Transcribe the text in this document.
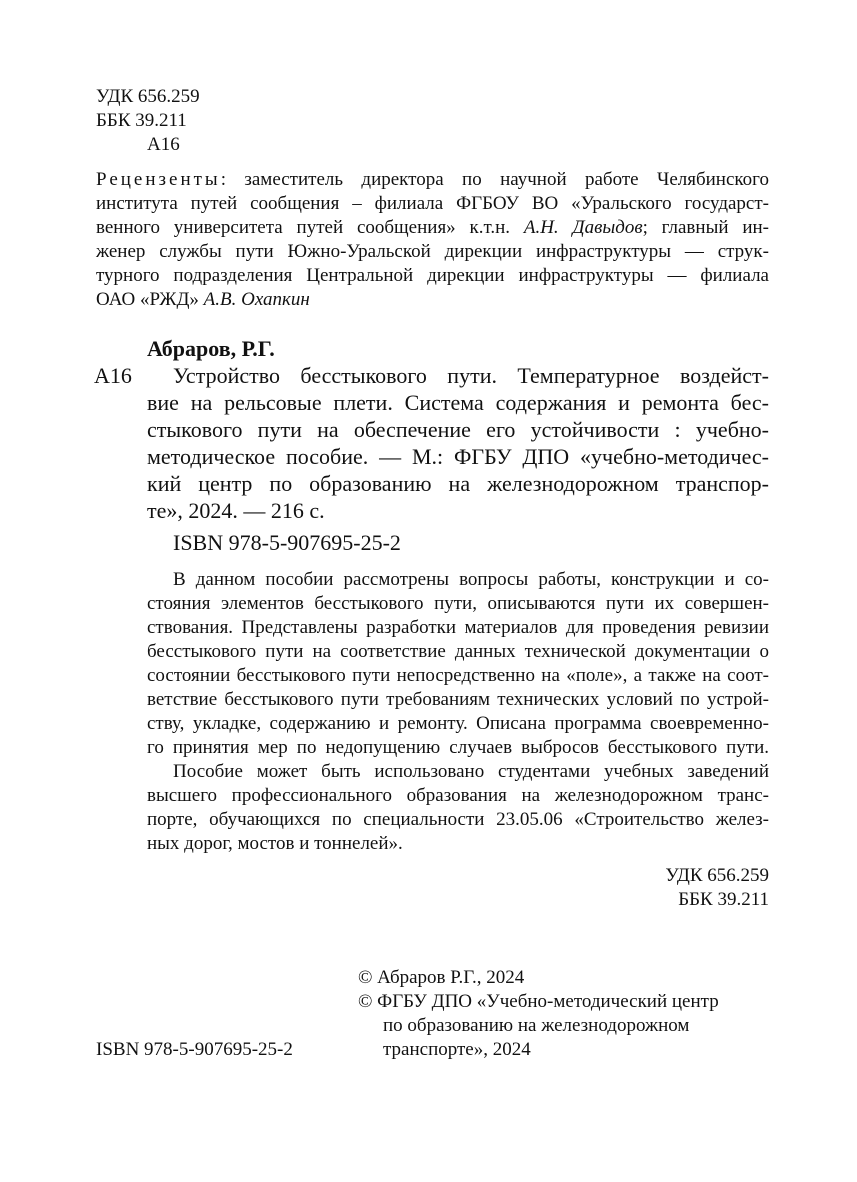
УДК 656.259
ББК 39.211
А16
Рецензенты: заместитель директора по научной работе Челябинского
института путей сообщения – филиала ФГБОУ ВО «Уральского государст-
венного университета путей сообщения» к.т.н. А.Н. Давыдов; главный ин-
женер службы пути Южно-Уральской дирекции инфраструктуры — струк-
турного подразделения Центральной дирекции инфраструктуры — филиала
ОАО «РЖД» А.В. Охапкин
Абраров, Р.Г.
А16 Устройство бесстыкового пути. Температурное воздейст-
вие на рельсовые плети. Система содержания и ремонта бес-
стыкового пути на обеспечение его устойчивости : учебно-
методическое пособие. — М.: ФГБУ ДПО «учебно-методичес-
кий центр по образованию на железнодорожном транспор-
те», 2024. — 216 с.
ISBN 978-5-907695-25-2
В данном пособии рассмотрены вопросы работы, конструкции и со-
стояния элементов бесстыкового пути, описываются пути их совершен-
ствования. Представлены разработки материалов для проведения ревизии
бесстыкового пути на соответствие данных технической документации о
состоянии бесстыкового пути непосредственно на «поле», а также на соот-
ветствие бесстыкового пути требованиям технических условий по устрой-
ству, укладке, содержанию и ремонту. Описана программа своевременно-
го принятия мер по недопущению случаев выбросов бесстыкового пути.
Пособие может быть использовано студентами учебных заведений
высшего профессионального образования на железнодорожном транс-
порте, обучающихся по специальности 23.05.06 «Строительство желез-
ных дорог, мостов и тоннелей».
УДК 656.259
ББК 39.211
© Абраров Р.Г., 2024
© ФГБУ ДПО «Учебно-методический центр
по образованию на железнодорожном
транспорте», 2024
ISBN 978-5-907695-25-2
